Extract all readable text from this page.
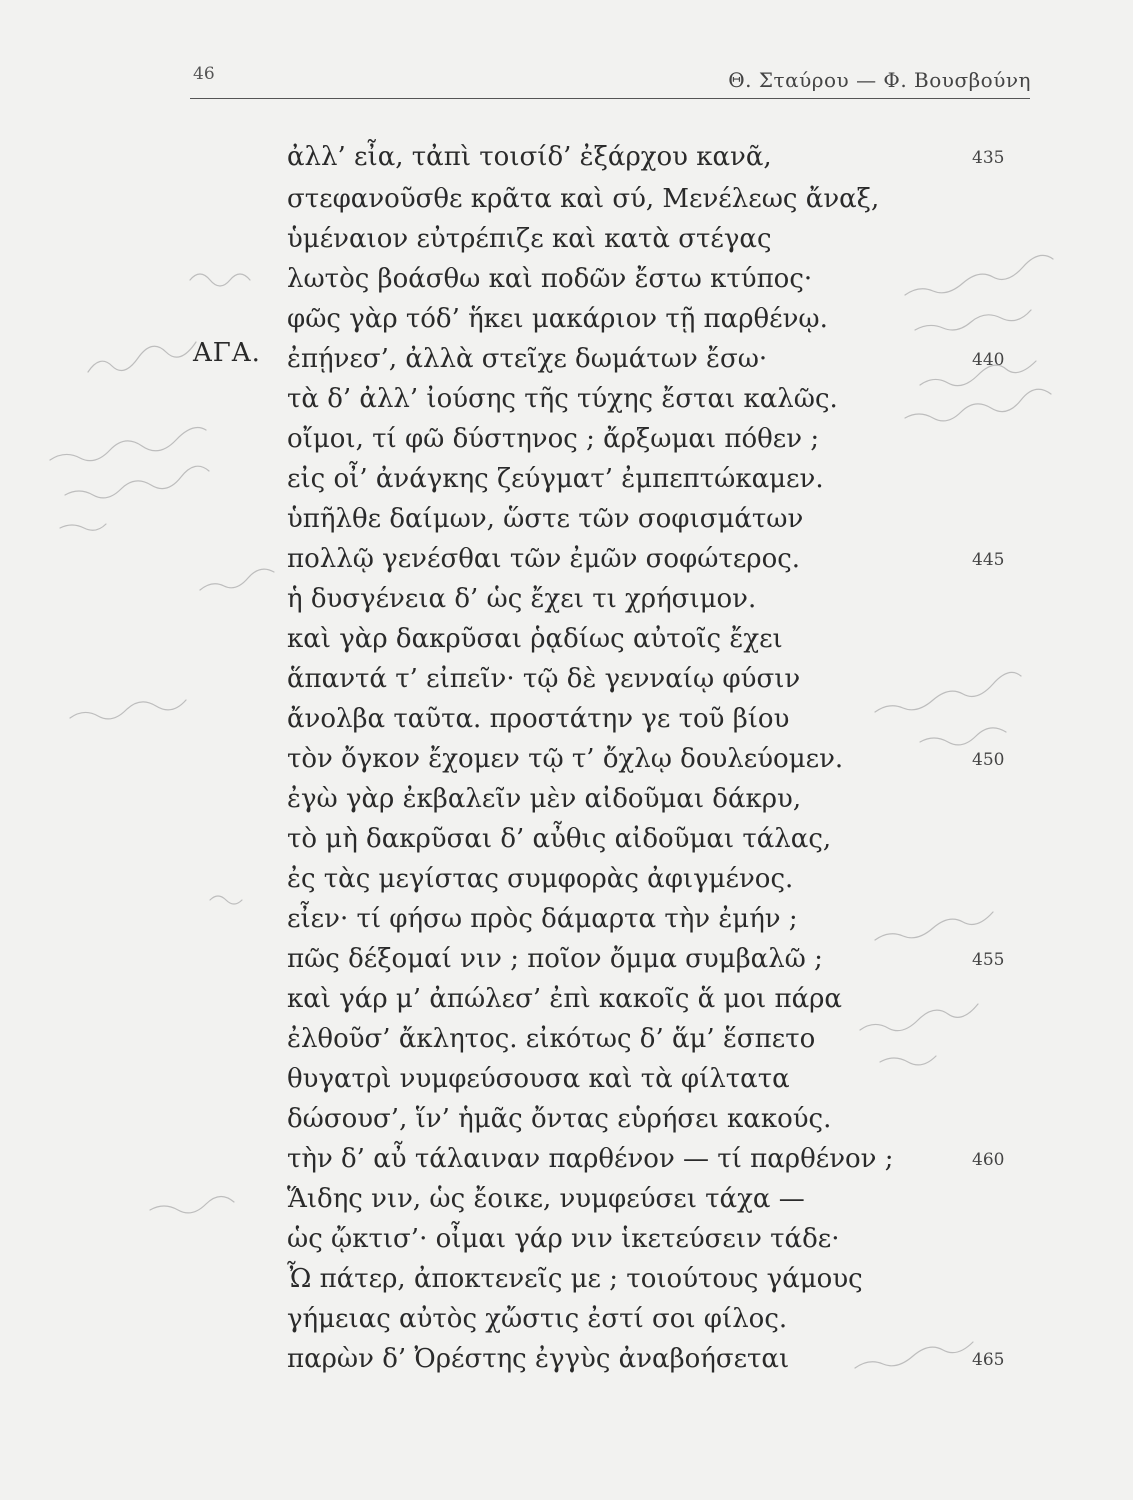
46	Θ. Σταύρου — Φ. Βουσβούνη
ΑΓΑ.
ἀλλ’ εἶα, τἀπὶ τοισίδ’ ἐξάρχου κανᾶ,
στεφανοῦσθε κρᾶτα καὶ σύ, Μενέλεως ἄναξ,
ὑμέναιον εὐτρέπιζε καὶ κατὰ στέγας
λωτὸς βοάσθω καὶ ποδῶν ἔστω κτύπος·
φῶς γὰρ τόδ’ ἥκει μακάριον τῇ παρθένῳ.
ἐπῄνεσ’, ἀλλὰ στεῖχε δωμάτων ἔσω·
τὰ δ’ ἀλλ’ ἰούσης τῆς τύχης ἔσται καλῶς.
οἴμοι, τί φῶ δύστηνος ; ἄρξωμαι πόθεν ;
εἰς οἶ’ ἀνάγκης ζεύγματ’ ἐμπεπτώκαμεν.
ὑπῆλθε δαίμων, ὥστε τῶν σοφισμάτων
πολλῷ γενέσθαι τῶν ἐμῶν σοφώτερος.
ἡ δυσγένεια δ’ ὡς ἔχει τι χρήσιμον.
καὶ γὰρ δακρῦσαι ῥᾳδίως αὐτοῖς ἔχει
ἅπαντά τ’ εἰπεῖν· τῷ δὲ γενναίῳ φύσιν
ἄνολβα ταῦτα. προστάτην γε τοῦ βίου
τὸν ὄγκον ἔχομεν τῷ τ’ ὄχλῳ δουλεύομεν.
ἐγὼ γὰρ ἐκβαλεῖν μὲν αἰδοῦμαι δάκρυ,
τὸ μὴ δακρῦσαι δ’ αὖθις αἰδοῦμαι τάλας,
ἐς τὰς μεγίστας συμφορὰς ἀφιγμένος.
εἶεν· τί φήσω πρὸς δάμαρτα τὴν ἐμήν ;
πῶς δέξομαί νιν ; ποῖον ὄμμα συμβαλῶ ;
καὶ γάρ μ’ ἀπώλεσ’ ἐπὶ κακοῖς ἅ μοι πάρα
ἐλθοῦσ’ ἄκλητος. εἰκότως δ’ ἅμ’ ἕσπετο
θυγατρὶ νυμφεύσουσα καὶ τὰ φίλτατα
δώσουσ’, ἵν’ ἡμᾶς ὄντας εὑρήσει κακούς.
τὴν δ’ αὖ τάλαιναν παρθένον — τί παρθένον ;
Ἅιδης νιν, ὡς ἔοικε, νυμφεύσει τάχα —
ὡς ᾤκτισ’· οἶμαι γάρ νιν ἱκετεύσειν τάδε·
Ὦ πάτερ, ἀποκτενεῖς με ; τοιούτους γάμους
γήμειας αὐτὸς χὤστις ἐστί σοι φίλος.
παρὼν δ’ Ὀρέστης ἐγγὺς ἀναβοήσεται
435
440
445
450
455
460
465
